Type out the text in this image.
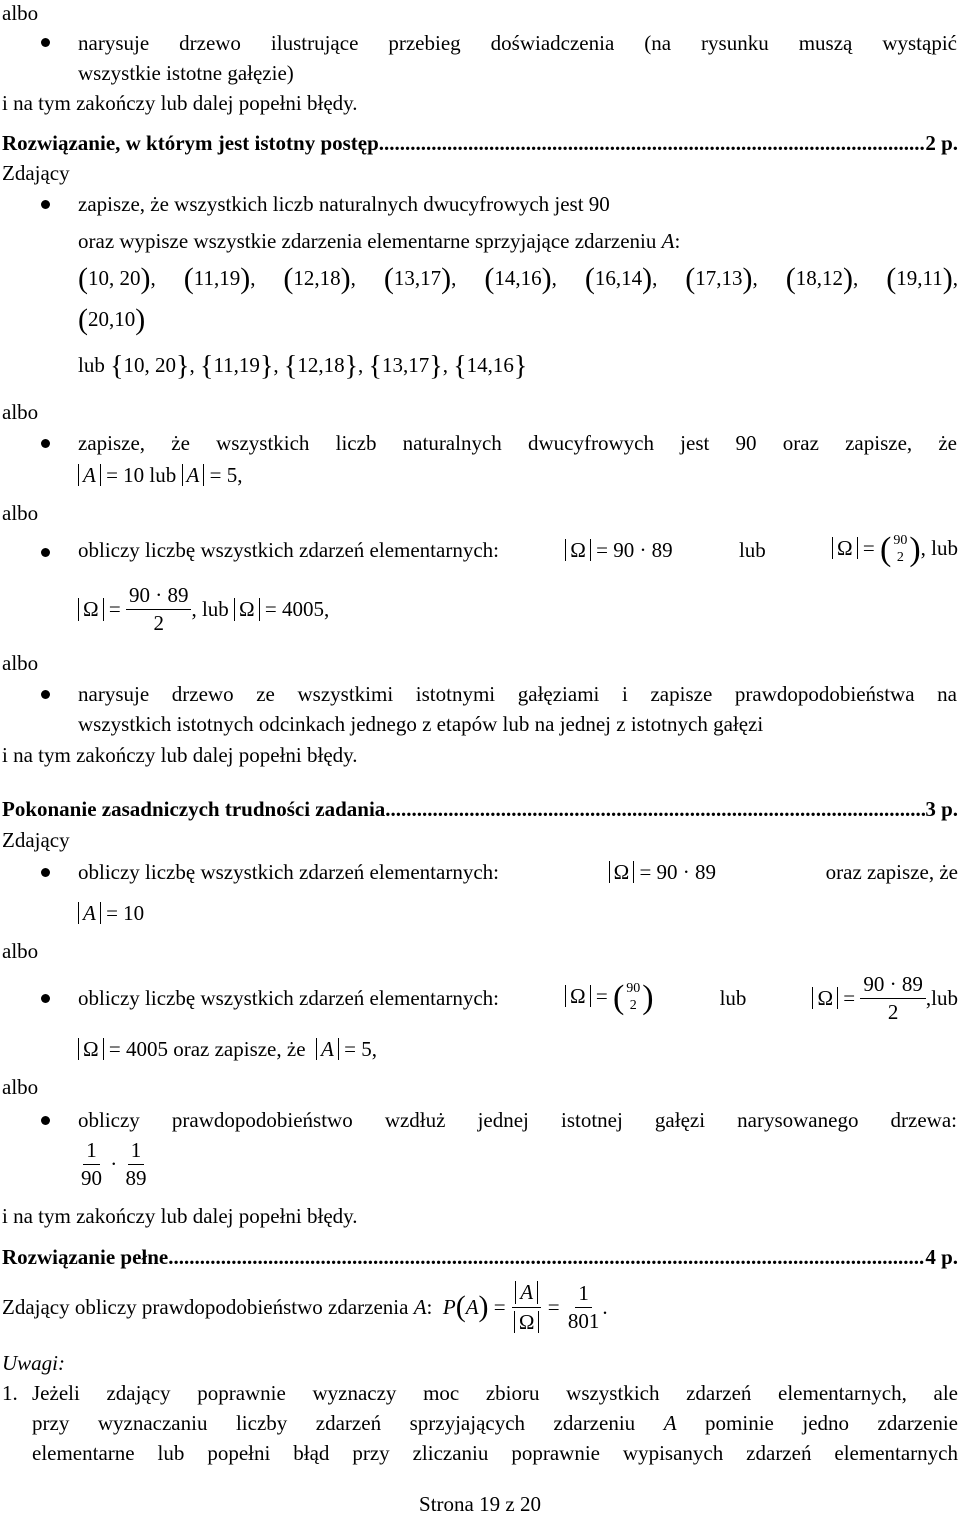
albo
narysuje drzewo ilustrujące przebieg doświadczenia (na rysunku muszą wystąpić
wszystkie istotne gałęzie)
i na tym zakończy lub dalej popełni błędy.
Rozwiązanie, w którym jest istotny postęp .....	2 p.
Zdający
zapisze, że wszystkich liczb naturalnych dwucyfrowych jest 90
oraz wypisze wszystkie zdarzenia elementarne sprzyjające zdarzeniu A:
(10, 20), (11,19), (12,18), (13,17), (14,16), (16,14), (17,13), (18,12), (19,11),
(20,10)
lub {10, 20}, {11,19}, {12,18}, {13,17}, {14,16}
albo
zapisze, że wszystkich liczb naturalnych dwucyfrowych jest 90 oraz zapisze, że
A = 10 lub A = 5,
albo
obliczy liczbę wszystkich zdarzeń elementarnych:	Ω = 90 · 89	lub	Ω = ( 90
2 ) , lub
$\Omega = \frac{90 \cdot 89}{2}$ , lub
Ω = 4005 ,
albo
narysuje drzewo ze wszystkimi istotnymi gałęziami i zapisze prawdopodobieństwa na
wszystkich istotnych odcinkach jednego z etapów lub na jednej z istotnych gałęzi
i na tym zakończy lub dalej popełni błędy.
Pokonanie zasadniczych trudności zadania .....	3 p.
Zdający
obliczy liczbę wszystkich zdarzeń elementarnych:	Ω = 90 · 89	oraz zapisze, że
A = 10
albo
obliczy liczbę wszystkich zdarzeń elementarnych:	Ω = ( 90
2 )	lub	$\Omega = \frac{90 \cdot 89}{2}$ , lub
Ω = 4005 oraz zapisze, że A = 5,
albo
obliczy prawdopodobieństwo wzdłuż jednej istotnej gałęzi narysowanego drzewa:
$\frac{1}{90} \cdot \frac{1}{89}$
i na tym zakończy lub dalej popełni błędy.
Rozwiązanie pełne .....	4 p.
Zdający obliczy prawdopodobieństwo zdarzenia
A : P ( A ) = $\frac{A}{\Omega} = \frac{1}{801}$ .
Uwagi:
1. Jeżeli zdający poprawnie wyznaczy moc zbioru wszystkich zdarzeń elementarnych, ale
przy wyznaczaniu liczby zdarzeń sprzyjających zdarzeniu A pominie jedno zdarzenie
elementarne lub popełni błąd przy zliczaniu poprawnie wypisanych zdarzeń elementarnych
Strona 19 z 20
